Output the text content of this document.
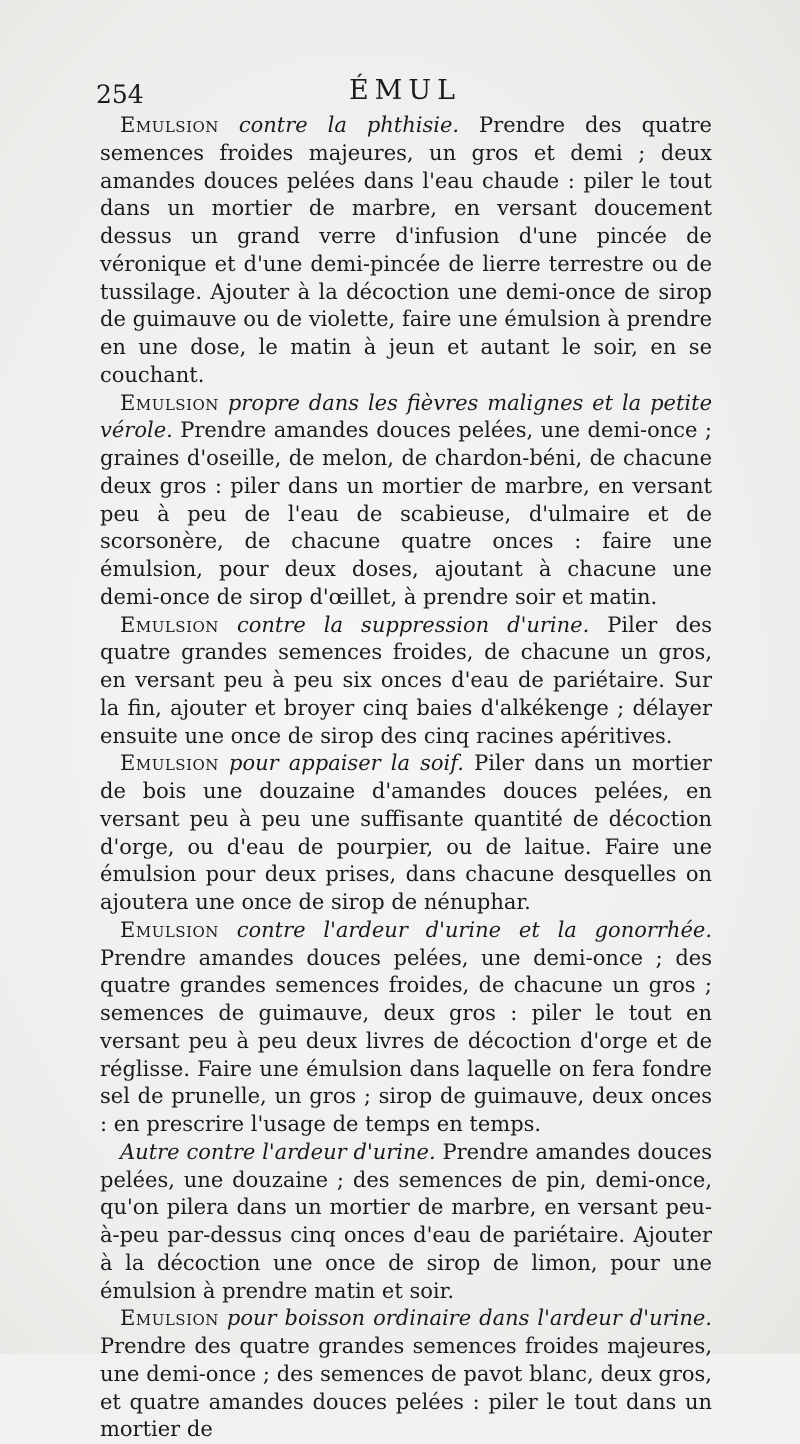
254	ÉMUL

Emulsion contre la phthisie. Prendre des quatre semences froides majeures, un gros et demi ; deux amandes douces pelées dans l'eau chaude : piler le tout dans un mortier de marbre, en versant doucement dessus un grand verre d'infusion d'une pincée de véronique et d'une demi-pincée de lierre terrestre ou de tussilage. Ajouter à la décoction une demi-once de sirop de guimauve ou de violette, faire une émulsion à prendre en une dose, le matin à jeun et autant le soir, en se couchant.

Emulsion propre dans les fièvres malignes et la petite vérole. Prendre amandes douces pelées, une demi-once ; graines d'oseille, de melon, de chardon-béni, de chacune deux gros : piler dans un mortier de marbre, en versant peu à peu de l'eau de scabieuse, d'ulmaire et de scorsonère, de chacune quatre onces : faire une émulsion, pour deux doses, ajoutant à chacune une demi-once de sirop d'œillet, à prendre soir et matin.

Emulsion contre la suppression d'urine. Piler des quatre grandes semences froides, de chacune un gros, en versant peu à peu six onces d'eau de pariétaire. Sur la fin, ajouter et broyer cinq baies d'alkékenge ; délayer ensuite une once de sirop des cinq racines apéritives.

Emulsion pour appaiser la soif. Piler dans un mortier de bois une douzaine d'amandes douces pelées, en versant peu à peu une suffisante quantité de décoction d'orge, ou d'eau de pourpier, ou de laitue. Faire une émulsion pour deux prises, dans chacune desquelles on ajoutera une once de sirop de nénuphar.

Emulsion contre l'ardeur d'urine et la gonorrhée. Prendre amandes douces pelées, une demi-once ; des quatre grandes semences froides, de chacune un gros ; semences de guimauve, deux gros : piler le tout en versant peu à peu deux livres de décoction d'orge et de réglisse. Faire une émulsion dans laquelle on fera fondre sel de prunelle, un gros ; sirop de guimauve, deux onces : en prescrire l'usage de temps en temps.

Autre contre l'ardeur d'urine. Prendre amandes douces pelées, une douzaine ; des semences de pin, demi-once, qu'on pilera dans un mortier de marbre, en versant peu-à-peu par-dessus cinq onces d'eau de pariétaire. Ajouter à la décoction une once de sirop de limon, pour une émulsion à prendre matin et soir.

Emulsion pour boisson ordinaire dans l'ardeur d'urine. Prendre des quatre grandes semences froides majeures, une demi-once ; des semences de pavot blanc, deux gros, et quatre amandes douces pelées : piler le tout dans un mortier de
